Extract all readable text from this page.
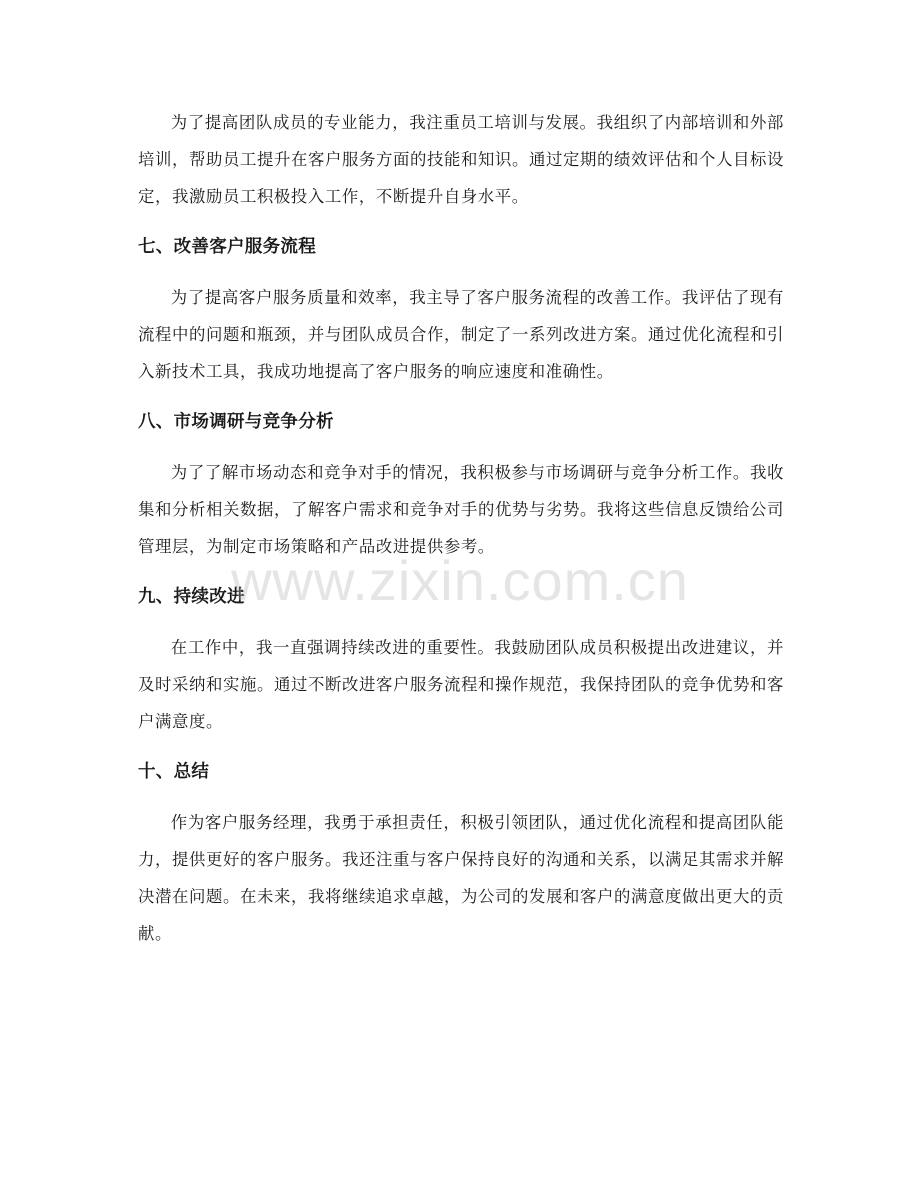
为了提高团队成员的专业能力，我注重员工培训与发展。我组织了内部培训和外部培训，帮助员工提升在客户服务方面的技能和知识。通过定期的绩效评估和个人目标设定，我激励员工积极投入工作，不断提升自身水平。

七、改善客户服务流程

为了提高客户服务质量和效率，我主导了客户服务流程的改善工作。我评估了现有流程中的问题和瓶颈，并与团队成员合作，制定了一系列改进方案。通过优化流程和引入新技术工具，我成功地提高了客户服务的响应速度和准确性。

八、市场调研与竞争分析

为了了解市场动态和竞争对手的情况，我积极参与市场调研与竞争分析工作。我收集和分析相关数据，了解客户需求和竞争对手的优势与劣势。我将这些信息反馈给公司管理层，为制定市场策略和产品改进提供参考。

九、持续改进

在工作中，我一直强调持续改进的重要性。我鼓励团队成员积极提出改进建议，并及时采纳和实施。通过不断改进客户服务流程和操作规范，我保持团队的竞争优势和客户满意度。

十、总结

作为客户服务经理，我勇于承担责任，积极引领团队，通过优化流程和提高团队能力，提供更好的客户服务。我还注重与客户保持良好的沟通和关系，以满足其需求并解决潜在问题。在未来，我将继续追求卓越，为公司的发展和客户的满意度做出更大的贡献。

www.zixin.com.cn
